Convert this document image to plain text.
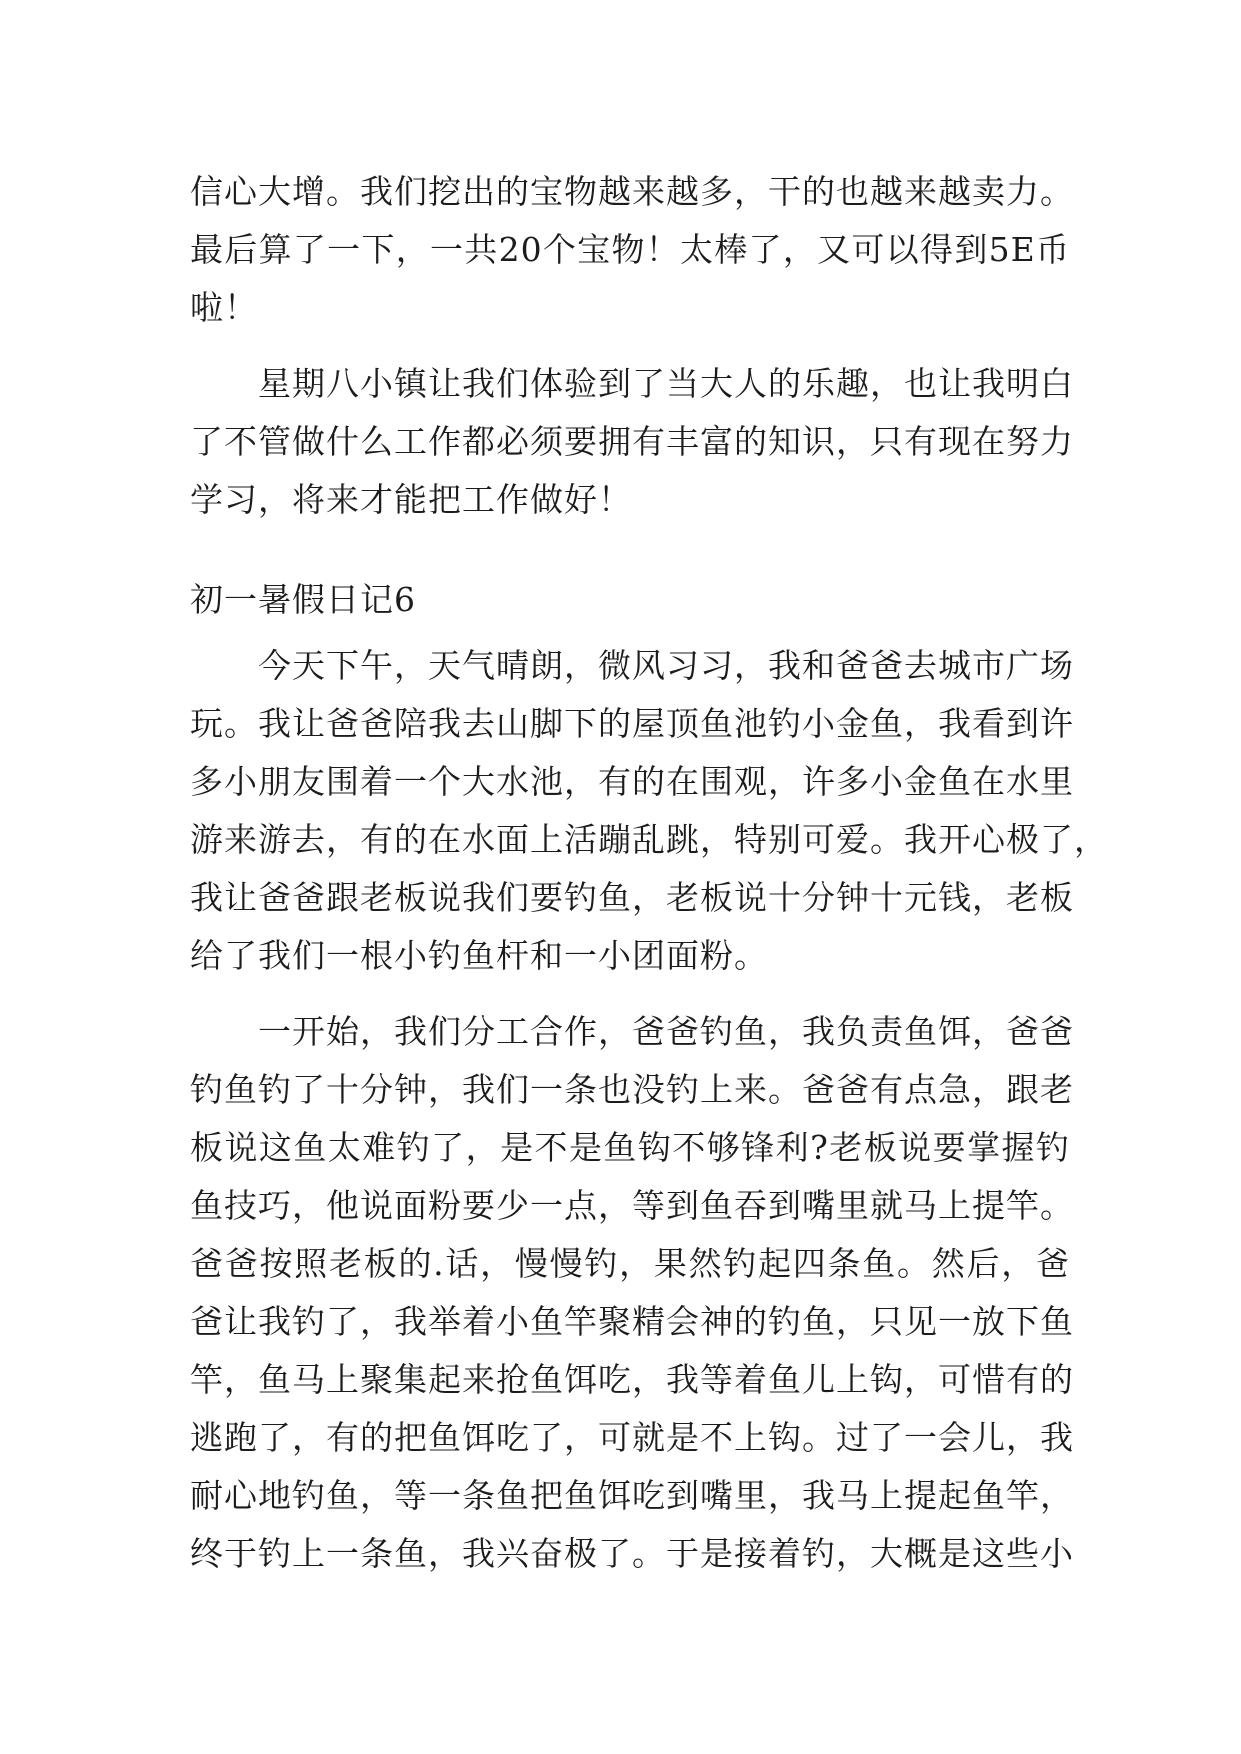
信心大增。我们挖出的宝物越来越多，干的也越来越卖力。
最后算了一下，一共20个宝物！太棒了，又可以得到5E币
啦！
星期八小镇让我们体验到了当大人的乐趣，也让我明白
了不管做什么工作都必须要拥有丰富的知识，只有现在努力
学习，将来才能把工作做好！
初一暑假日记6
今天下午，天气晴朗，微风习习，我和爸爸去城市广场
玩。我让爸爸陪我去山脚下的屋顶鱼池钓小金鱼，我看到许
多小朋友围着一个大水池，有的在围观，许多小金鱼在水里
游来游去，有的在水面上活蹦乱跳，特别可爱。我开心极了，
我让爸爸跟老板说我们要钓鱼，老板说十分钟十元钱，老板
给了我们一根小钓鱼杆和一小团面粉。
一开始，我们分工合作，爸爸钓鱼，我负责鱼饵，爸爸
钓鱼钓了十分钟，我们一条也没钓上来。爸爸有点急，跟老
板说这鱼太难钓了，是不是鱼钩不够锋利?老板说要掌握钓
鱼技巧，他说面粉要少一点，等到鱼吞到嘴里就马上提竿。
爸爸按照老板的.话，慢慢钓，果然钓起四条鱼。然后，爸
爸让我钓了，我举着小鱼竿聚精会神的钓鱼，只见一放下鱼
竿，鱼马上聚集起来抢鱼饵吃，我等着鱼儿上钩，可惜有的
逃跑了，有的把鱼饵吃了，可就是不上钩。过了一会儿，我
耐心地钓鱼，等一条鱼把鱼饵吃到嘴里，我马上提起鱼竿，
终于钓上一条鱼，我兴奋极了。于是接着钓，大概是这些小
